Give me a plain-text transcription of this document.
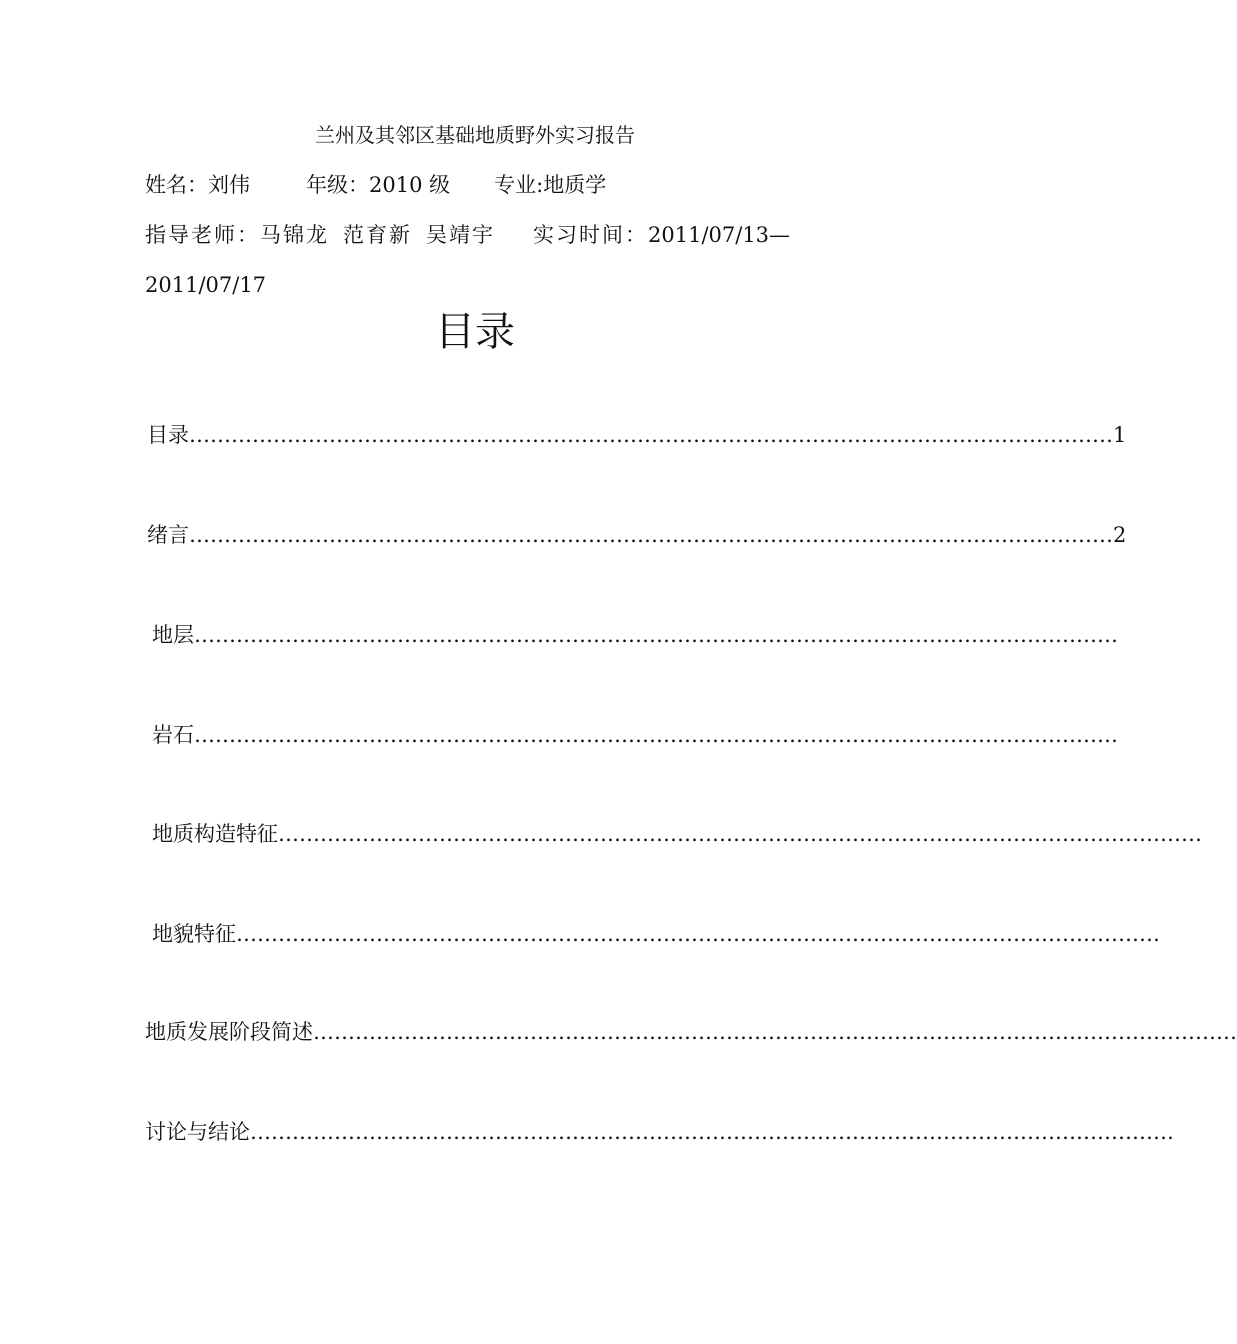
兰州及其邻区基础地质野外实习报告
姓名：刘伟	年级：2010 级 专业:地质学
指导老师：马锦龙 范育新 吴靖宇 实习时间：2011/07/13—
2011/07/17
目录
目录 …………………………………………………………………………………………………………………… 1
绪言 …………………………………………………………………………………………………………………… 2
地层 ……………………………………………………………………………………………………………………
岩石 ……………………………………………………………………………………………………………………
地质构造特征 ……………………………………………………………………………………………………………………
地貌特征 ……………………………………………………………………………………………………………………
地质发展阶段简述 ……………………………………………………………………………………………………………………
讨论与结论 ……………………………………………………………………………………………………………………
